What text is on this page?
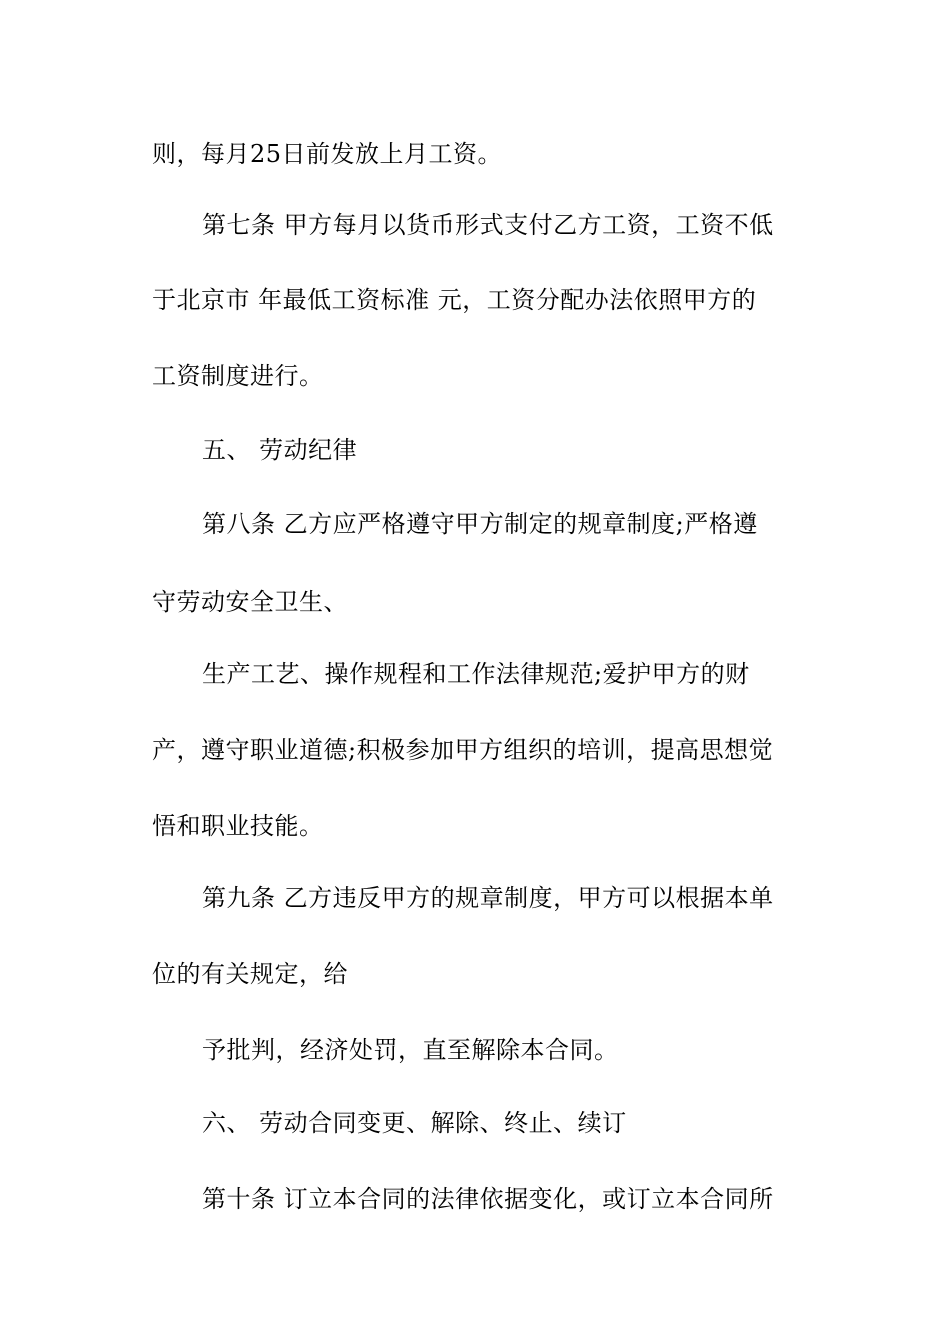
则，每月25日前发放上月工资。
第七条 甲方每月以货币形式支付乙方工资，工资不低
于北京市 年最低工资标准 元，工资分配办法依照甲方的
工资制度进行。
五、 劳动纪律
第八条 乙方应严格遵守甲方制定的规章制度;严格遵
守劳动安全卫生、
生产工艺、操作规程和工作法律规范;爱护甲方的财
产，遵守职业道德;积极参加甲方组织的培训，提高思想觉
悟和职业技能。
第九条 乙方违反甲方的规章制度，甲方可以根据本单
位的有关规定，给
予批判，经济处罚，直至解除本合同。
六、 劳动合同变更、解除、终止、续订
第十条 订立本合同的法律依据变化，或订立本合同所
